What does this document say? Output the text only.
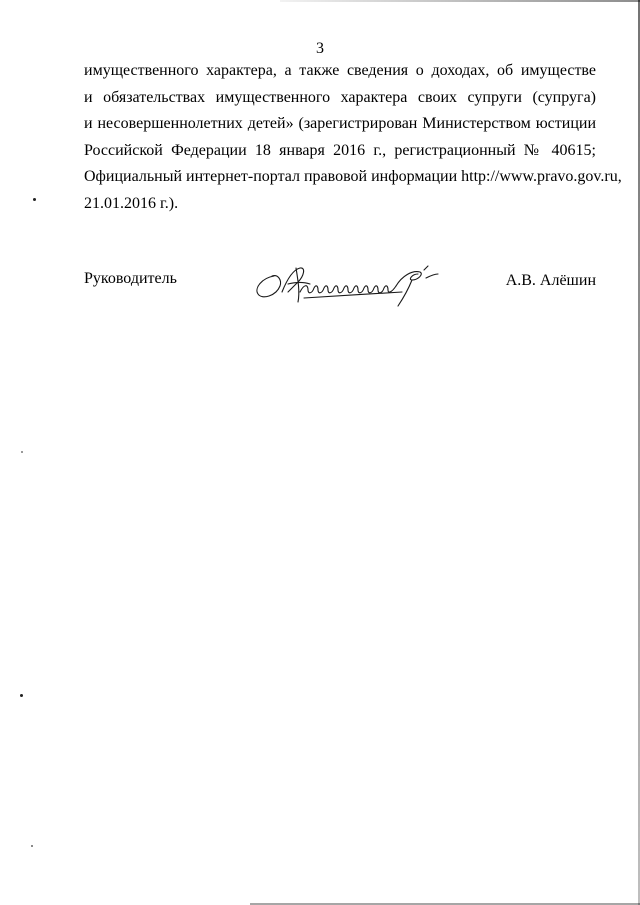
3
имущественного характера, а также сведения о доходах, об имуществе
и обязательствах имущественного характера своих супруги (супруга)
и несовершеннолетних детей» (зарегистрирован Министерством юстиции
Российской Федерации 18 января 2016 г., регистрационный № 40615;
Официальный интернет-портал правовой информации http://www.pravo.gov.ru,
21.01.2016 г.).
Руководитель	А.В. Алёшин
